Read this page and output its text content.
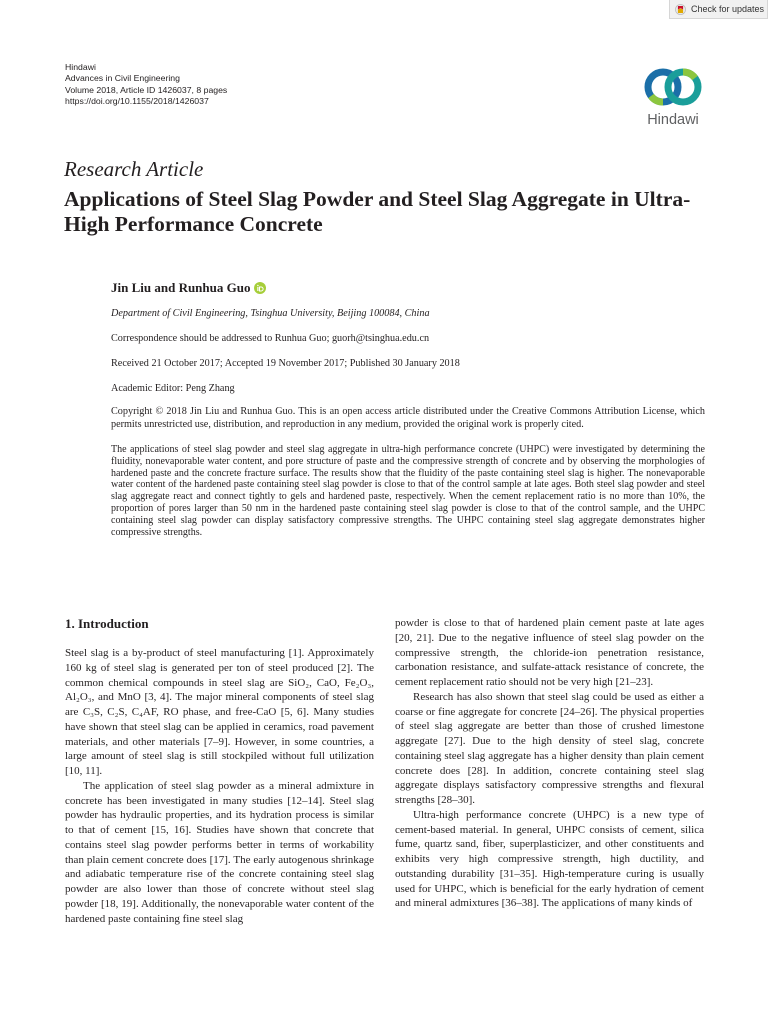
Check for updates
Hindawi
Advances in Civil Engineering
Volume 2018, Article ID 1426037, 8 pages
https://doi.org/10.1155/2018/1426037
Hindawi
Research Article
Applications of Steel Slag Powder and Steel Slag Aggregate in Ultra-High Performance Concrete
Jin Liu and Runhua Guo
Department of Civil Engineering, Tsinghua University, Beijing 100084, China
Correspondence should be addressed to Runhua Guo; guorh@tsinghua.edu.cn
Received 21 October 2017; Accepted 19 November 2017; Published 30 January 2018
Academic Editor: Peng Zhang
Copyright © 2018 Jin Liu and Runhua Guo. This is an open access article distributed under the Creative Commons Attribution License, which permits unrestricted use, distribution, and reproduction in any medium, provided the original work is properly cited.
The applications of steel slag powder and steel slag aggregate in ultra-high performance concrete (UHPC) were investigated by determining the fluidity, nonevaporable water content, and pore structure of paste and the compressive strength of concrete and by observing the morphologies of hardened paste and the concrete fracture surface. The results show that the fluidity of the paste containing steel slag is higher. The nonevaporable water content of the hardened paste containing steel slag powder is close to that of the control sample at late ages. Both steel slag powder and steel slag aggregate react and connect tightly to gels and hardened paste, respectively. When the cement replacement ratio is no more than 10%, the proportion of pores larger than 50 nm in the hardened paste containing steel slag powder is close to that of the control sample, and the UHPC containing steel slag powder can display satisfactory compressive strengths. The UHPC containing steel slag aggregate demonstrates higher compressive strengths.
1. Introduction

Steel slag is a by-product of steel manufacturing [1]. Approximately 160 kg of steel slag is generated per ton of steel produced [2]. The common chemical compounds in steel slag are SiO₂, CaO, Fe₂O₃, Al₂O₃, and MnO [3, 4]. The major mineral components of steel slag are C₃S, C₂S, C₄AF, RO phase, and free-CaO [5, 6]. Many studies have shown that steel slag can be applied in ceramics, road pavement materials, and other materials [7–9]. However, in some countries, a large amount of steel slag is still stockpiled without full utilization [10, 11].

The application of steel slag powder as a mineral admixture in concrete has been investigated in many studies [12–14]. Steel slag powder has hydraulic properties, and its hydration process is similar to that of cement [15, 16]. Studies have shown that concrete that contains steel slag powder performs better in terms of workability than plain cement concrete does [17]. The early autogenous shrinkage and adiabatic temperature rise of the concrete containing steel slag powder are also lower than those of concrete without steel slag powder [18, 19]. Additionally, the nonevaporable water content of the hardened paste containing fine steel slag

powder is close to that of hardened plain cement paste at late ages [20, 21]. Due to the negative influence of steel slag powder on the compressive strength, the chloride-ion penetration resistance, carbonation resistance, and sulfate-attack resistance of concrete, the cement replacement ratio should not be very high [21–23].

Research has also shown that steel slag could be used as either a coarse or fine aggregate for concrete [24–26]. The physical properties of steel slag aggregate are better than those of crushed limestone aggregate [27]. Due to the high density of steel slag, concrete containing steel slag aggregate has a higher density than plain cement concrete does [28]. In addition, concrete containing steel slag aggregate displays satisfactory compressive strengths and flexural strengths [28–30].

Ultra-high performance concrete (UHPC) is a new type of cement-based material. In general, UHPC consists of cement, silica fume, quartz sand, fiber, superplasticizer, and other constituents and exhibits very high compressive strength, high ductility, and outstanding durability [31–35]. High-temperature curing is usually used for UHPC, which is beneficial for the early hydration of cement and mineral admixtures [36–38]. The applications of many kinds of
